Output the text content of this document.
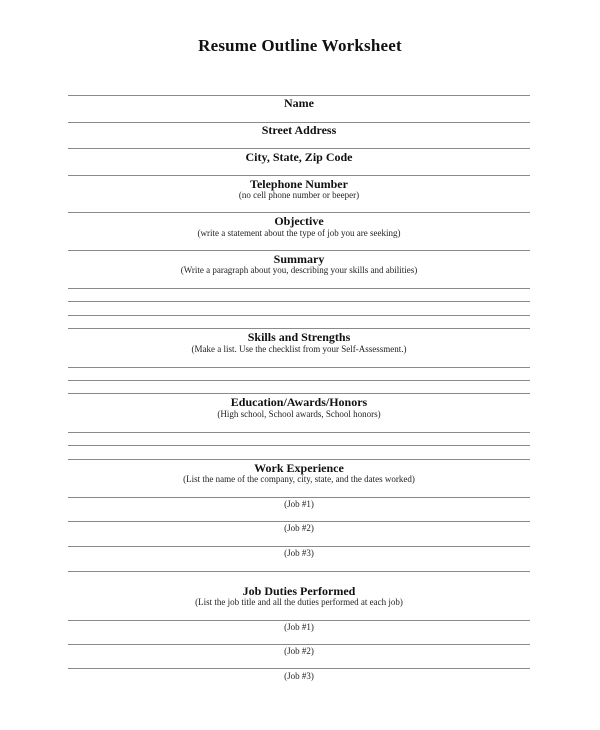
Resume Outline Worksheet
Name
Street Address
City, State, Zip Code
Telephone Number
(no cell phone number or beeper)
Objective
(write a statement about the type of job you are seeking)
Summary
(Write a paragraph about you, describing your skills and abilities)
Skills and Strengths
(Make a list. Use the checklist from your Self-Assessment.)
Education/Awards/Honors
(High school, School awards, School honors)
Work Experience
(List the name of the company, city, state, and the dates worked)
(Job #1)
(Job #2)
(Job #3)
Job Duties Performed
(List the job title and all the duties performed at each job)
(Job #1)
(Job #2)
(Job #3)
